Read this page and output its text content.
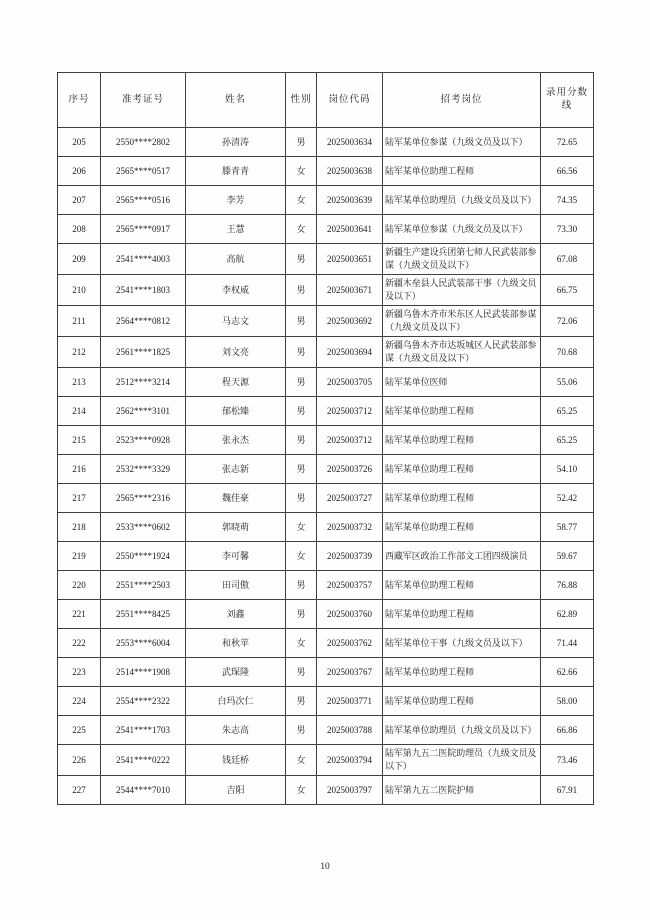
序号	准考证号	姓名	性别	岗位代码	招考岗位	录用分数线
205	2550****2802	孙清涛	男	2025003634	陆军某单位参谋（九级文员及以下）	72.65
206	2565****0517	滕青青	女	2025003638	陆军某单位助理工程师	66.56
207	2565****0516	李芳	女	2025003639	陆军某单位助理员（九级文员及以下）	74.35
208	2565****0917	王慧	女	2025003641	陆军某单位参谋（九级文员及以下）	73.30
209	2541****4003	高航	男	2025003651	新疆生产建设兵团第七师人民武装部参谋（九级文员及以下）	67.08
210	2541****1803	李权威	男	2025003671	新疆木垒县人民武装部干事（九级文员及以下）	66.75
211	2564****0812	马志文	男	2025003692	新疆乌鲁木齐市米东区人民武装部参谋（九级文员及以下）	72.06
212	2561****1825	刘文亮	男	2025003694	新疆乌鲁木齐市达坂城区人民武装部参谋（九级文员及以下）	70.68
213	2512****3214	程天源	男	2025003705	陆军某单位医师	55.06
214	2562****3101	郁松臻	男	2025003712	陆军某单位助理工程师	65.25
215	2523****0928	张永杰	男	2025003712	陆军某单位助理工程师	65.25
216	2532****3329	张志新	男	2025003726	陆军某单位助理工程师	54.10
217	2565****2316	魏佳豪	男	2025003727	陆军某单位助理工程师	52.42
218	2533****0602	郭晓萌	女	2025003732	陆军某单位助理工程师	58.77
219	2550****1924	李可馨	女	2025003739	西藏军区政治工作部文工团四级演员	59.67
220	2551****2503	田司傲	男	2025003757	陆军某单位助理工程师	76.88
221	2551****8425	刘鑫	男	2025003760	陆军某单位助理工程师	62.89
222	2553****6004	和秋苹	女	2025003762	陆军某单位干事（九级文员及以下）	71.44
223	2514****1908	武琛隆	男	2025003767	陆军某单位助理工程师	62.66
224	2554****2322	白玛次仁	男	2025003771	陆军某单位助理工程师	58.00
225	2541****1703	朱志高	男	2025003788	陆军某单位助理员（九级文员及以下）	66.86
226	2541****0222	钱廷桥	女	2025003794	陆军第九五二医院助理员（九级文员及以下）	73.46
227	2544****7010	吉阳	女	2025003797	陆军第九五二医院护师	67.91
10
